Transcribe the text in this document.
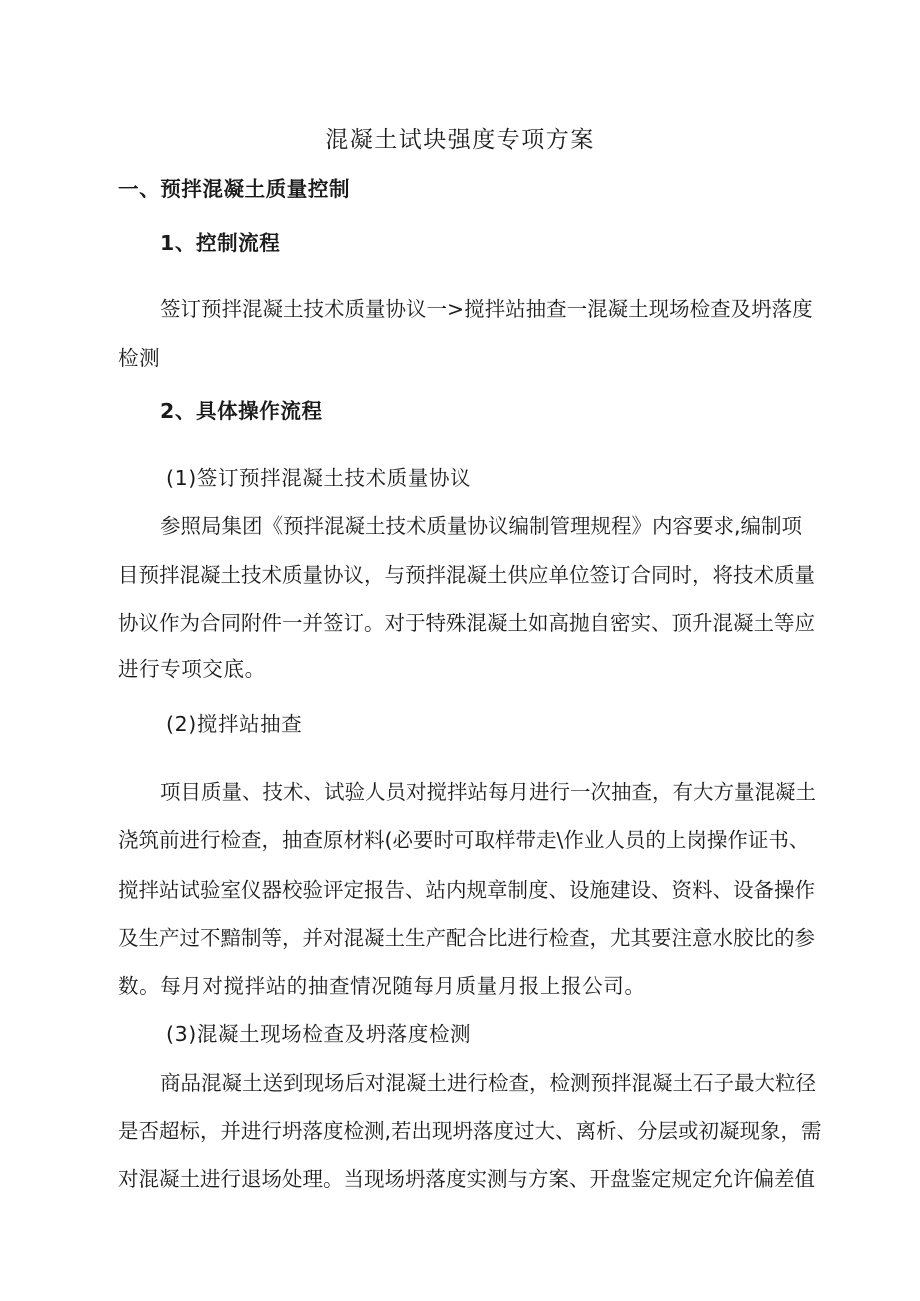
混凝土试块强度专项方案
一、预拌混凝土质量控制
1、控制流程
签订预拌混凝土技术质量协议一>搅拌站抽查一混凝土现场检查及坍落度
检测
2、具体操作流程
(1)签订预拌混凝土技术质量协议
参照局集团《预拌混凝土技术质量协议编制管理规程》内容要求,编制项
目预拌混凝土技术质量协议，与预拌混凝土供应单位签订合同时，将技术质量
协议作为合同附件一并签订。对于特殊混凝土如高抛自密实、顶升混凝土等应
进行专项交底。
(2)搅拌站抽查
项目质量、技术、试验人员对搅拌站每月进行一次抽查，有大方量混凝土
浇筑前进行检查，抽查原材料(必要时可取样带走\作业人员的上岗操作证书、
搅拌站试验室仪器校验评定报告、站内规章制度、设施建设、资料、设备操作
及生产过不黯制等，并对混凝土生产配合比进行检查，尤其要注意水胶比的参
数。每月对搅拌站的抽查情况随每月质量月报上报公司。
(3)混凝土现场检查及坍落度检测
商品混凝土送到现场后对混凝土进行检查，检测预拌混凝土石子最大粒径
是否超标，并进行坍落度检测,若出现坍落度过大、离析、分层或初凝现象，需
对混凝土进行退场处理。当现场坍落度实测与方案、开盘鉴定规定允许偏差值
